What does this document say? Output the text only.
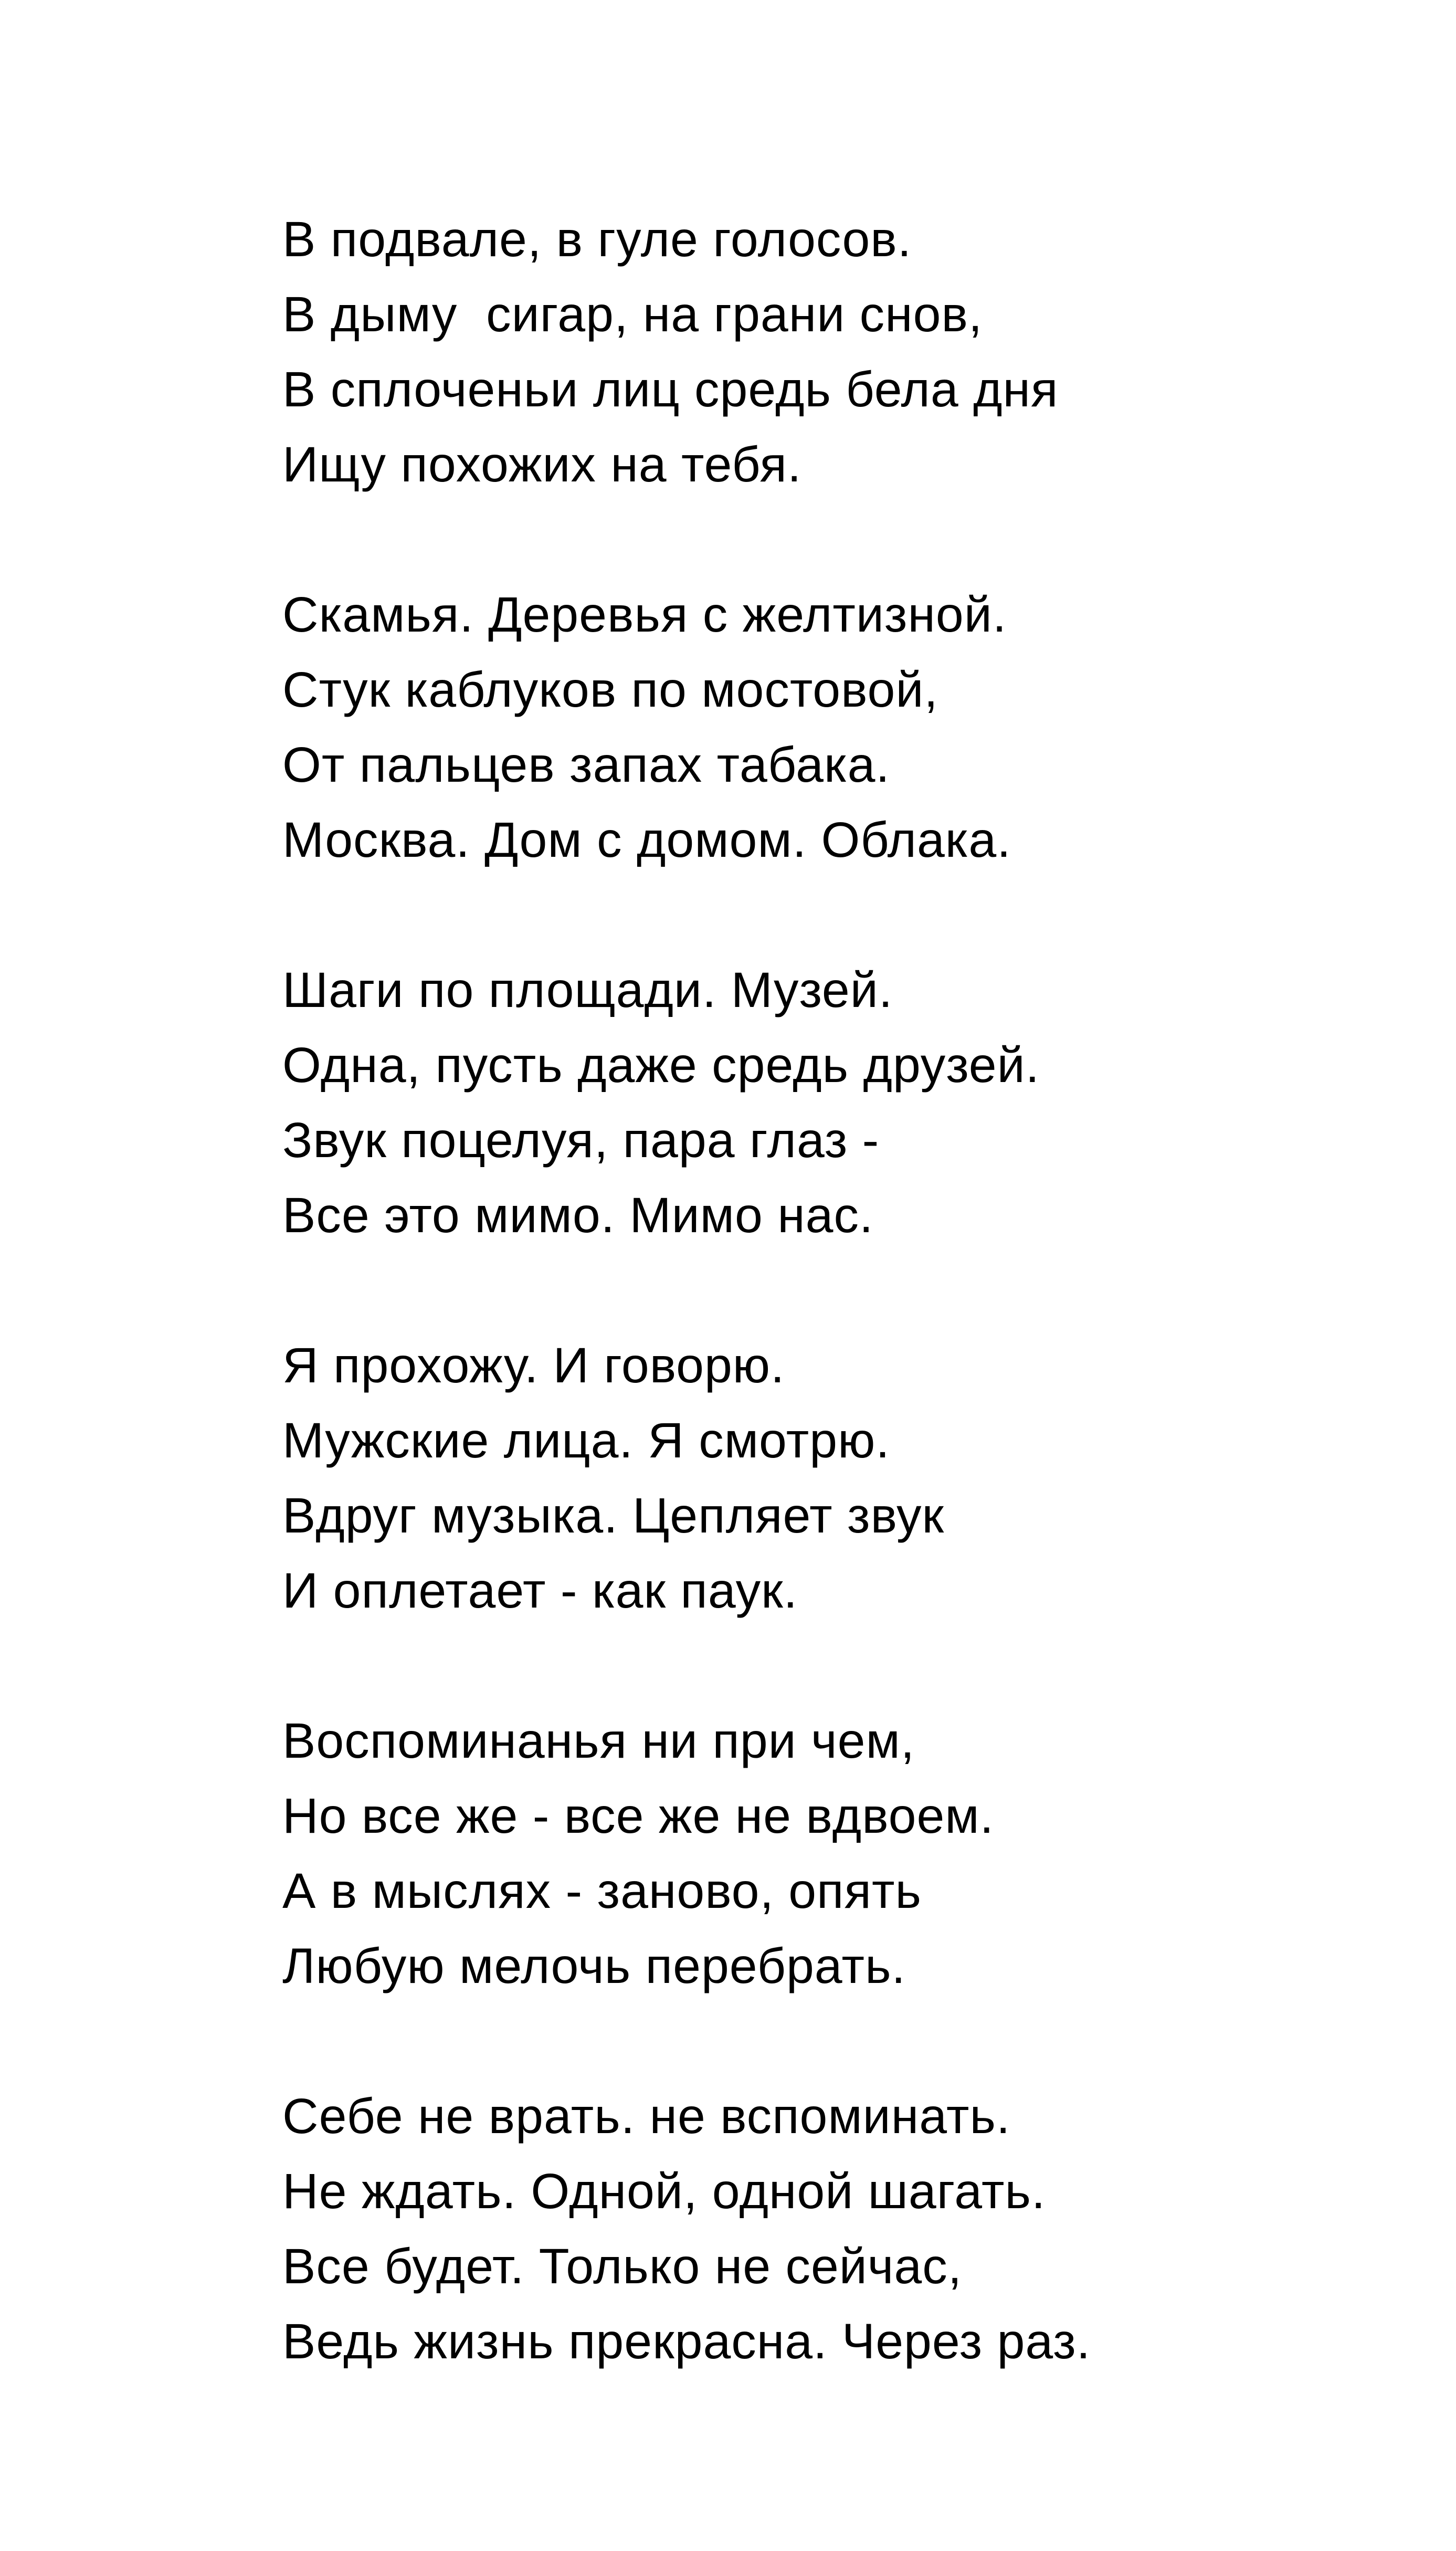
В подвале, в гуле голосов.
В дыму  сигар, на грани снов,
В сплоченьи лиц средь бела дня
Ищу похожих на тебя.
Скамья. Деревья с желтизной.
Стук каблуков по мостовой,
От пальцев запах табака.
Москва. Дом с домом. Облака.
Шаги по площади. Музей.
Одна, пусть даже средь друзей.
Звук поцелуя, пара глаз -
Все это мимо. Мимо нас.
Я прохожу. И говорю.
Мужские лица. Я смотрю.
Вдруг музыка. Цепляет звук
И оплетает - как паук.
Воспоминанья ни при чем,
Но все же - все же не вдвоем.
А в мыслях - заново, опять
Любую мелочь перебрать.
Себе не врать. не вспоминать.
Не ждать. Одной, одной шагать.
Все будет. Только не сейчас,
Ведь жизнь прекрасна. Через раз.
